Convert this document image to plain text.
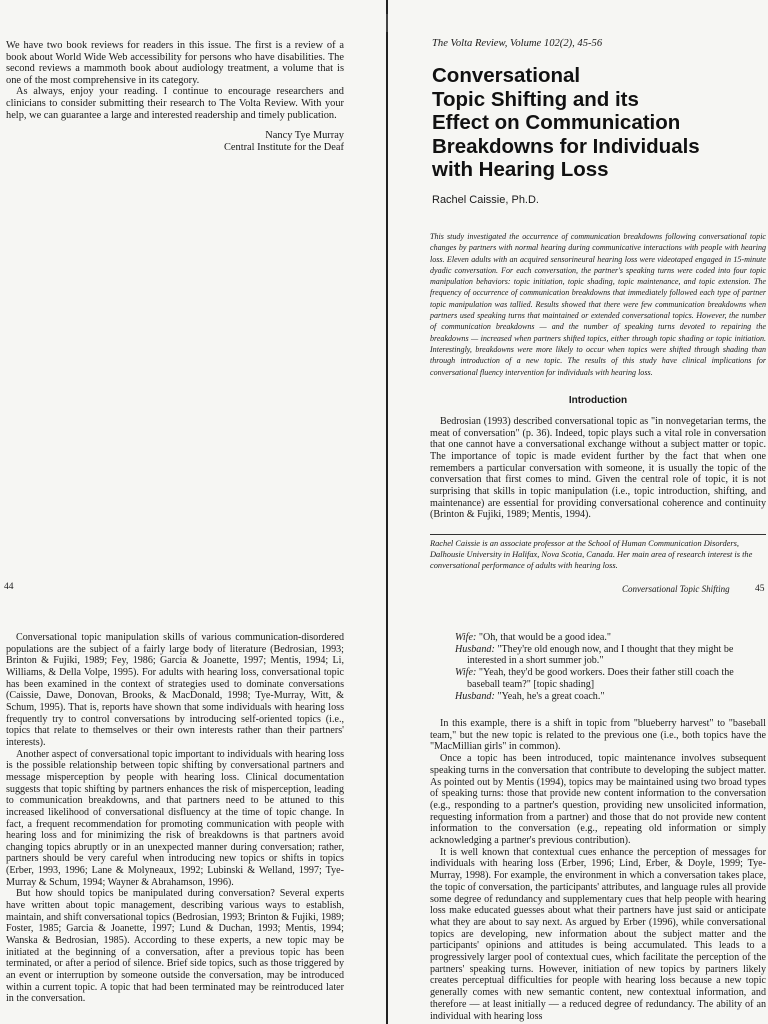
We have two book reviews for readers in this issue. The first is a review of a book about World Wide Web accessibility for persons who have disabilities. The second reviews a mammoth book about audiology treatment, a volume that is one of the most comprehensive in its category.

As always, enjoy your reading. I continue to encourage researchers and clinicians to consider submitting their research to The Volta Review. With your help, we can guarantee a large and interested readership and timely publication.

Nancy Tye Murray
Central Institute for the Deaf
44
The Volta Review, Volume 102(2), 45-56

Conversational

Topic Shifting and its

Effect on Communication

Breakdowns for Individuals

with Hearing Loss

Rachel Caissie, Ph.D.
This study investigated the occurrence of communication breakdowns following conversational topic changes by partners with normal hearing during communicative interactions with people with hearing loss. Eleven adults with an acquired sensorineural hearing loss were videotaped engaged in 15-minute dyadic conversation. For each conversation, the partner's speaking turns were coded into four topic manipulation behaviors: topic initiation, topic shading, topic maintenance, and topic extension. The frequency of occurrence of communication breakdowns that immediately followed each type of partner topic manipulation was tallied. Results showed that there were few communication breakdowns when partners used speaking turns that maintained or extended conversational topics. However, the number of communication breakdowns — and the number of speaking turns devoted to repairing the breakdowns — increased when partners shifted topics, either through topic shading or topic initiation. Interestingly, breakdowns were more likely to occur when topics were shifted through shading than through introduction of a new topic. The results of this study have clinical implications for conversational fluency intervention for individuals with hearing loss.
Introduction
Bedrosian (1993) described conversational topic as "in nonvegetarian terms, the meat of conversation" (p. 36). Indeed, topic plays such a vital role in conversation that one cannot have a conversational exchange without a subject matter or topic. The importance of topic is made evident further by the fact that when one remembers a particular conversation with someone, it is usually the topic of the conversation that first comes to mind. Given the central role of topic, it is not surprising that skills in topic manipulation (i.e., topic introduction, shifting, and maintenance) are essential for providing conversational coherence and continuity (Brinton & Fujiki, 1989; Mentis, 1994).
Rachel Caissie is an associate professor at the School of Human Communication Disorders, Dalhousie University in Halifax, Nova Scotia, Canada. Her main area of research interest is the conversational performance of adults with hearing loss.

Conversational topic manipulation skills of various communication-disordered populations are the subject of a fairly large body of literature (Bedrosian, 1993; Brinton & Fujiki, 1989; Fey, 1986; Garcia & Joanette, 1997; Mentis, 1994; Li, Williams, & Della Volpe, 1995). For adults with hearing loss, conversational topic has been examined in the context of strategies used to dominate conversations (Caissie, Dawe, Donovan, Brooks, & MacDonald, 1998; Tye-Murray, Witt, & Schum, 1995). That is, reports have shown that some individuals with hearing loss frequently try to control conversations by introducing self-oriented topics (i.e., topics that relate to themselves or their own interests rather than their partners' interests).

Another aspect of conversational topic important to individuals with hearing loss is the possible relationship between topic shifting by conversational partners and message misperception by people with hearing loss. Clinical documentation suggests that topic shifting by partners enhances the risk of misperception, leading to communication breakdowns, and that partners need to be attuned to this increased likelihood of conversational disfluency at the time of topic change. In fact, a frequent recommendation for promoting communication with people with hearing loss and for minimizing the risk of breakdowns is that partners avoid changing topics abruptly or in an unexpected manner during conversation; rather, partners should be very careful when introducing new topics or shifts in topics (Erber, 1993, 1996; Lane & Molyneaux, 1992; Lubinski & Welland, 1997; Tye-Murray & Schum, 1994; Wayner & Abrahamson, 1996).

But how should topics be manipulated during conversation? Several experts have written about topic management, describing various ways to establish, maintain, and shift conversational topics (Bedrosian, 1993; Brinton & Fujiki, 1989; Foster, 1985; Garcia & Joanette, 1997; Lund & Duchan, 1993; Mentis, 1994; Wanska & Bedrosian, 1985). According to these experts, a new topic may be initiated at the beginning of a conversation, after a previous topic has been terminated, or after a period of silence. Brief side topics, such as those triggered by an event or interruption by someone outside the conversation, may be introduced within a current topic. A topic that had been terminated may be reintroduced later in the conversation.

Conversational Topic Shifting	45

Wife: "Oh, that would be a good idea."

Husband: "They're old enough now, and I thought that they might be interested in a short summer job."

Wife: "Yeah, they'd be good workers. Does their father still coach the baseball team?" [topic shading]

Husband: "Yeah, he's a great coach."

In this example, there is a shift in topic from "blueberry harvest" to "baseball team," but the new topic is related to the previous one (i.e., both topics have the "MacMillian girls" in common).

Once a topic has been introduced, topic maintenance involves subsequent speaking turns in the conversation that contribute to developing the subject matter. As pointed out by Mentis (1994), topics may be maintained using two broad types of speaking turns: those that provide new content information to the conversation (e.g., responding to a partner's question, providing new unsolicited information, requesting information from a partner) and those that do not provide new content information to the conversation (e.g., repeating old information or simply acknowledging a partner's previous contribution).

It is well known that contextual cues enhance the perception of messages for individuals with hearing loss (Erber, 1996; Lind, Erber, & Doyle, 1999; Tye-Murray, 1998). For example, the environment in which a conversation takes place, the topic of conversation, the participants' attributes, and language rules all provide some degree of redundancy and supplementary cues that help people with hearing loss make educated guesses about what their partners have just said or anticipate what they are about to say next. As argued by Erber (1996), while conversational topics are developing, new information about the subject matter and the participants' opinions and attitudes is being accumulated. This leads to a progressively larger pool of contextual cues, which facilitate the perception of the partners' speaking turns. However, initiation of new topics by partners likely creates perceptual difficulties for people with hearing loss because a new topic generally comes with new semantic content, new contextual information, and therefore — at least initially — a reduced degree of redundancy. The ability of an individual with hearing loss
